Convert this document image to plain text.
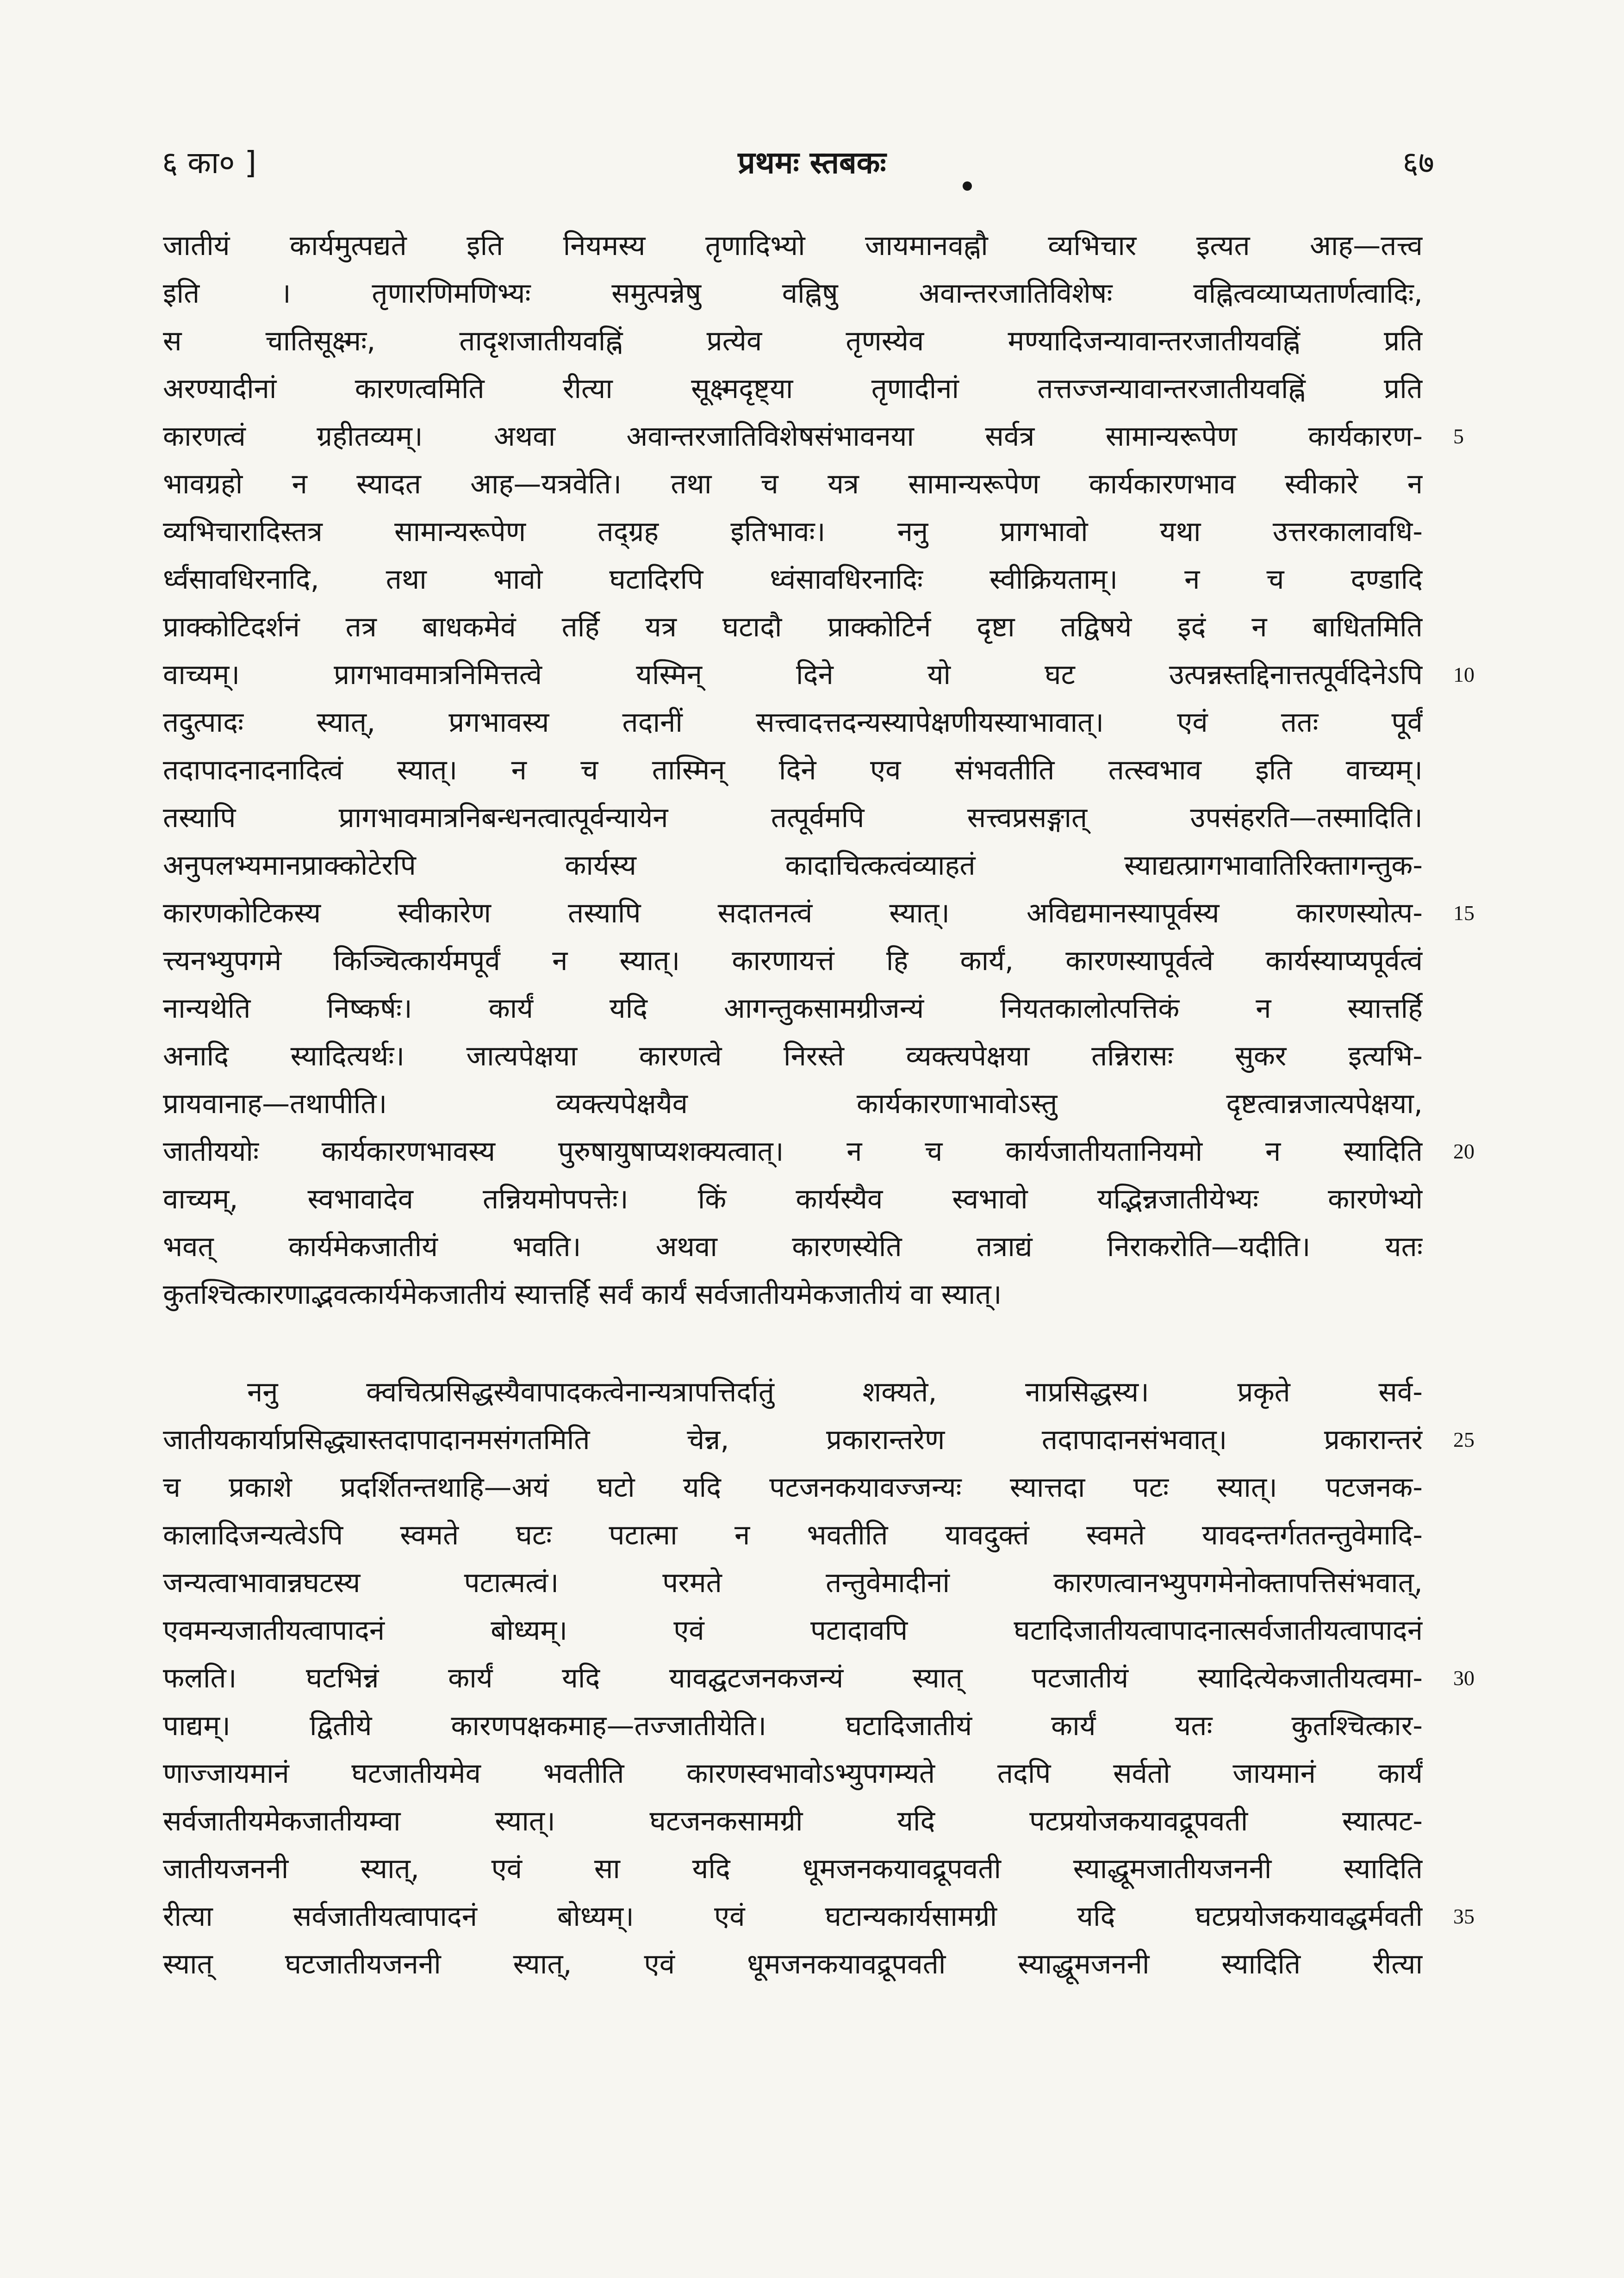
६ का० ]	प्रथमः स्तबकः	६७
जातीयं कार्यमुत्पद्यते इति नियमस्य तृणादिभ्यो जायमानवह्नौ व्यभिचार इत्यत आह—तत्त्व
इति । तृणारणिमणिभ्यः समुत्पन्नेषु वह्निषु अवान्तरजातिविशेषः वह्नित्वव्याप्यतार्णत्वादिः,
स चातिसूक्ष्मः, तादृशजातीयवह्निं प्रत्येव तृणस्येव मण्यादिजन्यावान्तरजातीयवह्निं प्रति
अरण्यादीनां कारणत्वमिति रीत्या सूक्ष्मदृष्ट्या तृणादीनां तत्तज्जन्यावान्तरजातीयवह्निं प्रति
कारणत्वं ग्रहीतव्यम्। अथवा अवान्तरजातिविशेषसंभावनया सर्वत्र सामान्यरूपेण कार्यकारण-
भावग्रहो न स्यादत आह—यत्रवेति। तथा च यत्र सामान्यरूपेण कार्यकारणभाव स्वीकारे न
व्यभिचारादिस्तत्र सामान्यरूपेण तद्ग्रह इतिभावः। ननु प्रागभावो यथा उत्तरकालावधि-
र्ध्वंसावधिरनादि, तथा भावो घटादिरपि ध्वंसावधिरनादिः स्वीक्रियताम्। न च दण्डादि
प्राक्कोटिदर्शनं तत्र बाधकमेवं तर्हि यत्र घटादौ प्राक्कोटिर्न दृष्टा तद्विषये इदं न बाधितमिति
वाच्यम्। प्रागभावमात्रनिमित्तत्वे यस्मिन् दिने यो घट उत्पन्नस्तद्दिनात्तत्पूर्वदिनेऽपि
तदुत्पादः स्यात्, प्रगभावस्य तदानीं सत्त्वादत्तदन्यस्यापेक्षणीयस्याभावात्। एवं ततः पूर्वं
तदापादनादनादित्वं स्यात्। न च तास्मिन् दिने एव संभवतीति तत्स्वभाव इति वाच्यम्।
तस्यापि प्रागभावमात्रनिबन्धनत्वात्पूर्वन्यायेन तत्पूर्वमपि सत्त्वप्रसङ्गात् उपसंहरति—तस्मादिति।
अनुपलभ्यमानप्राक्कोटेरपि कार्यस्य कादाचित्कत्वंव्याहतं स्याद्यत्प्रागभावातिरिक्तागन्तुक-
कारणकोटिकस्य स्वीकारेण तस्यापि सदातनत्वं स्यात्। अविद्यमानस्यापूर्वस्य कारणस्योत्प-
त्त्यनभ्युपगमे किञ्चित्कार्यमपूर्वं न स्यात्। कारणायत्तं हि कार्यं, कारणस्यापूर्वत्वे कार्यस्याप्यपूर्वत्वं
नान्यथेति निष्कर्षः। कार्यं यदि आगन्तुकसामग्रीजन्यं नियतकालोत्पत्तिकं न स्यात्तर्हि
अनादि स्यादित्यर्थः। जात्यपेक्षया कारणत्वे निरस्ते व्यक्त्यपेक्षया तन्निरासः सुकर इत्यभि-
प्रायवानाह—तथापीति। व्यक्त्यपेक्षयैव कार्यकारणाभावोऽस्तु दृष्टत्वान्नजात्यपेक्षया,
जातीययोः कार्यकारणभावस्य पुरुषायुषाप्यशक्यत्वात्। न च कार्यजातीयतानियमो न स्यादिति
वाच्यम्, स्वभावादेव तन्नियमोपपत्तेः। किं कार्यस्यैव स्वभावो यद्भिन्नजातीयेभ्यः कारणेभ्यो
भवत् कार्यमेकजातीयं भवति। अथवा कारणस्येति तत्राद्यं निराकरोति—यदीति। यतः
कुतश्चित्कारणाद्भवत्कार्यमेकजातीयं स्यात्तर्हि सर्वं कार्यं सर्वजातीयमेकजातीयं वा स्यात्।
ननु क्वचित्प्रसिद्धस्यैवापादकत्वेनान्यत्रापत्तिर्दातुं शक्यते, नाप्रसिद्धस्य। प्रकृते सर्व-
जातीयकार्याप्रसिद्ध्यास्तदापादानमसंगतमिति चेन्न, प्रकारान्तरेण तदापादानसंभवात्। प्रकारान्तरं
च प्रकाशे प्रदर्शितन्तथाहि—अयं घटो यदि पटजनकयावज्जन्यः स्यात्तदा पटः स्यात्। पटजनक-
कालादिजन्यत्वेऽपि स्वमते घटः पटात्मा न भवतीति यावदुक्तं स्वमते यावदन्तर्गततन्तुवेमादि-
जन्यत्वाभावान्नघटस्य पटात्मत्वं। परमते तन्तुवेमादीनां कारणत्वानभ्युपगमेनोक्तापत्तिसंभवात्,
एवमन्यजातीयत्वापादनं बोध्यम्। एवं पटादावपि घटादिजातीयत्वापादनात्सर्वजातीयत्वापादनं
फलति। घटभिन्नं कार्यं यदि यावद्घटजनकजन्यं स्यात् पटजातीयं स्यादित्येकजातीयत्वमा-
पाद्यम्। द्वितीये कारणपक्षकमाह—तज्जातीयेति। घटादिजातीयं कार्यं यतः कुतश्चित्कार-
णाज्जायमानं घटजातीयमेव भवतीति कारणस्वभावोऽभ्युपगम्यते तदपि सर्वतो जायमानं कार्यं
सर्वजातीयमेकजातीयम्वा स्यात्। घटजनकसामग्री यदि पटप्रयोजकयावद्रूपवती स्यात्पट-
जातीयजननी स्यात्, एवं सा यदि धूमजनकयावद्रूपवती स्याद्धूमजातीयजननी स्यादिति
रीत्या सर्वजातीयत्वापादनं बोध्यम्। एवं घटान्यकार्यसामग्री यदि घटप्रयोजकयावद्धर्मवती
स्यात् घटजातीयजननी स्यात्, एवं धूमजनकयावद्रूपवती स्याद्धूमजननी स्यादिति रीत्या
5
10
15
20
25
30
35
